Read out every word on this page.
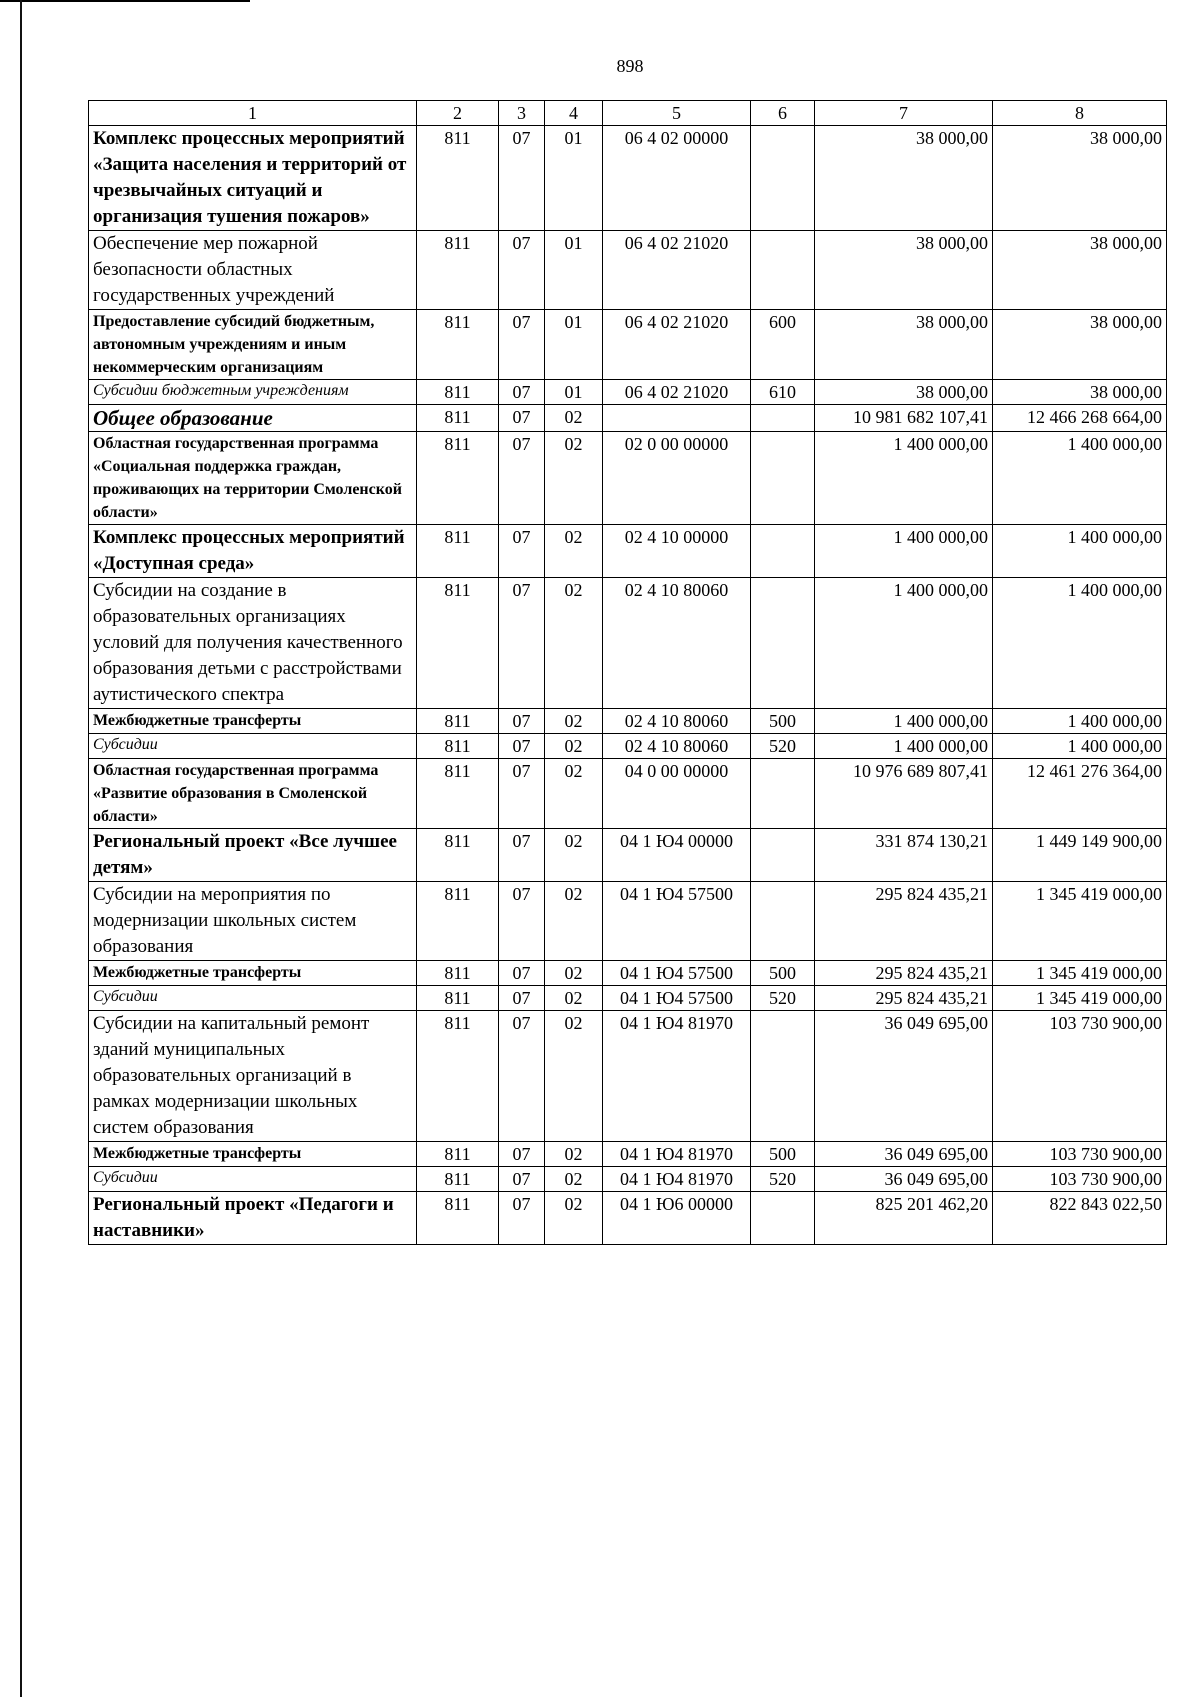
898
1	2	3	4	5	6	7	8
Комплекс процессных мероприятий «Защита населения и территорий от чрезвычайных ситуаций и организация тушения пожаров»	811	07	01	06 4 02 00000		38 000,00	38 000,00
Обеспечение мер пожарной безопасности областных государственных учреждений	811	07	01	06 4 02 21020		38 000,00	38 000,00
Предоставление субсидий бюджетным, автономным учреждениям и иным некоммерческим организациям	811	07	01	06 4 02 21020	600	38 000,00	38 000,00
Субсидии бюджетным учреждениям	811	07	01	06 4 02 21020	610	38 000,00	38 000,00
Общее образование	811	07	02			10 981 682 107,41	12 466 268 664,00
Областная государственная программа «Социальная поддержка граждан, проживающих на территории Смоленской области»	811	07	02	02 0 00 00000		1 400 000,00	1 400 000,00
Комплекс процессных мероприятий «Доступная среда»	811	07	02	02 4 10 00000		1 400 000,00	1 400 000,00
Субсидии на создание в образовательных организациях условий для получения качественного образования детьми с расстройствами аутистического спектра	811	07	02	02 4 10 80060		1 400 000,00	1 400 000,00
Межбюджетные трансферты	811	07	02	02 4 10 80060	500	1 400 000,00	1 400 000,00
Субсидии	811	07	02	02 4 10 80060	520	1 400 000,00	1 400 000,00
Областная государственная программа «Развитие образования в Смоленской области»	811	07	02	04 0 00 00000		10 976 689 807,41	12 461 276 364,00
Региональный проект «Все лучшее детям»	811	07	02	04 1 Ю4 00000		331 874 130,21	1 449 149 900,00
Субсидии на мероприятия по модернизации школьных систем образования	811	07	02	04 1 Ю4 57500		295 824 435,21	1 345 419 000,00
Межбюджетные трансферты	811	07	02	04 1 Ю4 57500	500	295 824 435,21	1 345 419 000,00
Субсидии	811	07	02	04 1 Ю4 57500	520	295 824 435,21	1 345 419 000,00
Субсидии на капитальный ремонт зданий муниципальных образовательных организаций в рамках модернизации школьных систем образования	811	07	02	04 1 Ю4 81970		36 049 695,00	103 730 900,00
Межбюджетные трансферты	811	07	02	04 1 Ю4 81970	500	36 049 695,00	103 730 900,00
Субсидии	811	07	02	04 1 Ю4 81970	520	36 049 695,00	103 730 900,00
Региональный проект «Педагоги и наставники»	811	07	02	04 1 Ю6 00000		825 201 462,20	822 843 022,50
